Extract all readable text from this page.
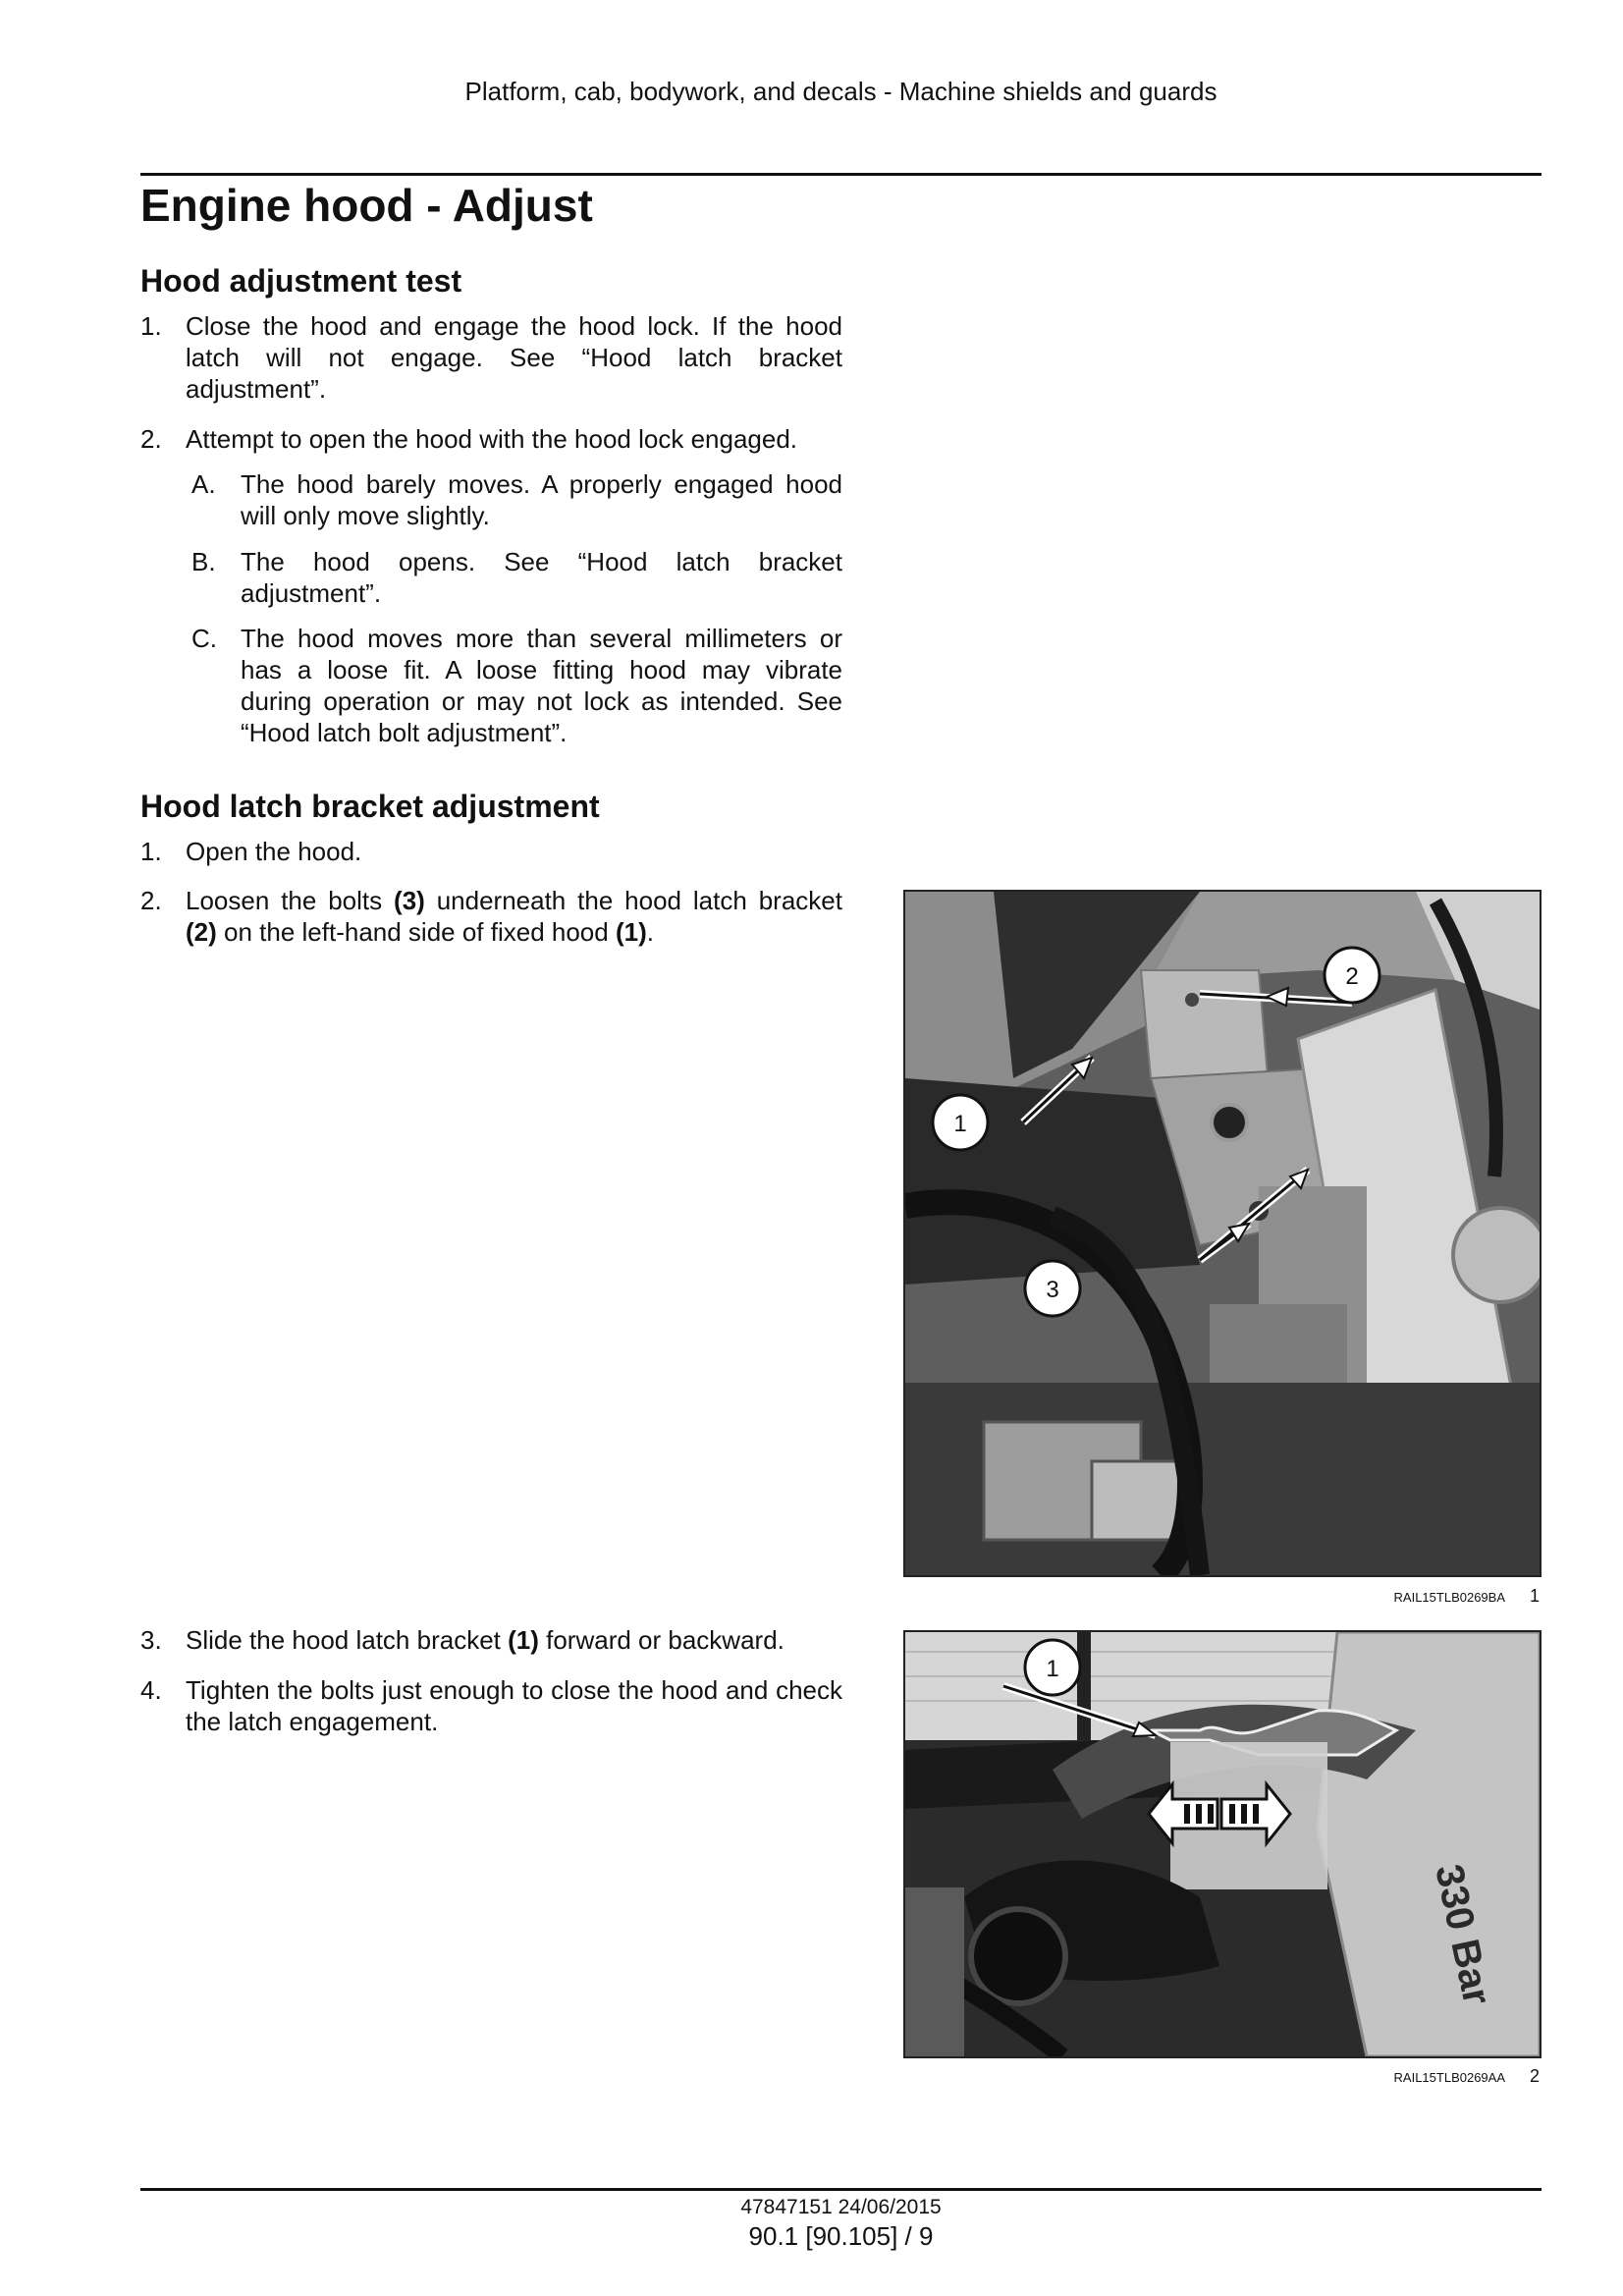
Platform, cab, bodywork, and decals - Machine shields and guards
Engine hood - Adjust
Hood adjustment test
1. Close the hood and engage the hood lock. If the hood latch will not engage. See “Hood latch bracket adjustment”.
2. Attempt to open the hood with the hood lock engaged.
A. The hood barely moves. A properly engaged hood will only move slightly.
B. The hood opens. See “Hood latch bracket adjustment”.
C. The hood moves more than several millimeters or has a loose fit. A loose fitting hood may vibrate during operation or may not lock as intended. See “Hood latch bolt adjustment”.
Hood latch bracket adjustment
1. Open the hood.
2. Loosen the bolts (3) underneath the hood latch bracket (2) on the left-hand side of fixed hood (1).
3. Slide the hood latch bracket (1) forward or backward.
4. Tighten the bolts just enough to close the hood and check the latch engagement.
2
1
3
RAIL15TLB0269BA 1
330 Bar
1
RAIL15TLB0269AA 2
47847151 24/06/2015
90.1 [90.105] / 9
